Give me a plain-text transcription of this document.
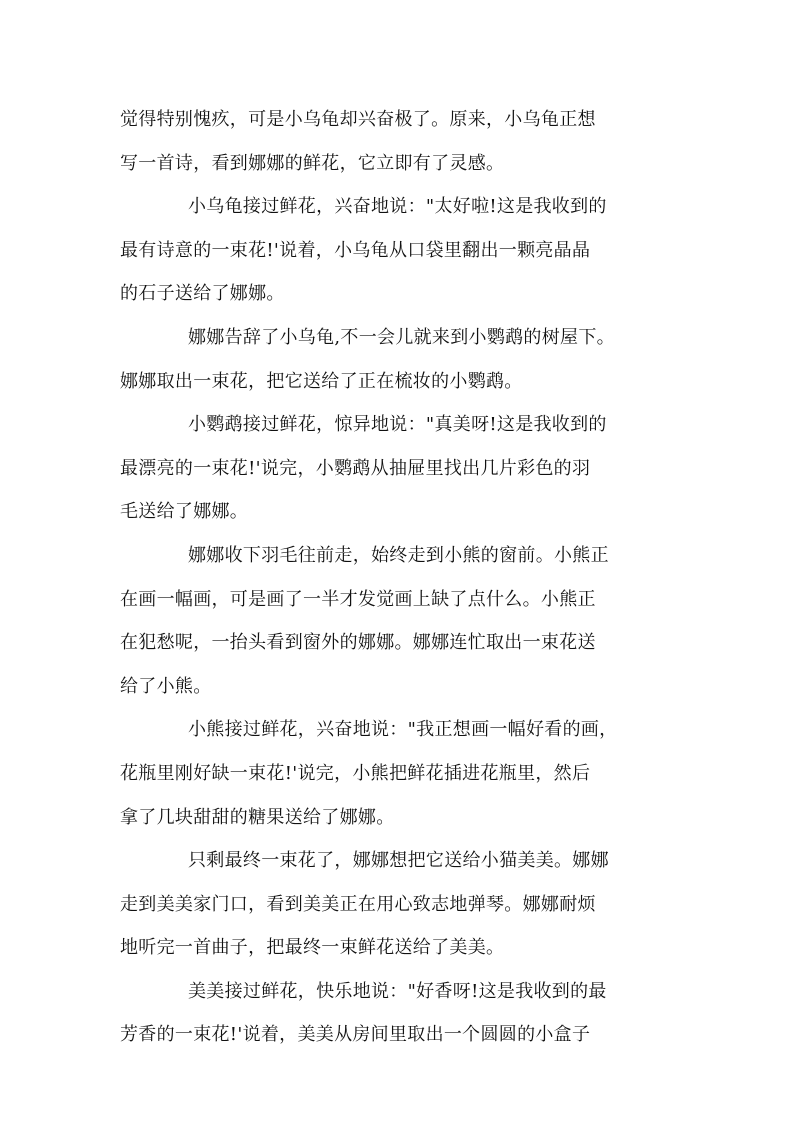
觉得特别愧疚，可是小乌龟却兴奋极了。原来，小乌龟正想
写一首诗，看到娜娜的鲜花，它立即有了灵感。
小乌龟接过鲜花，兴奋地说："太好啦!这是我收到的
最有诗意的一束花!'说着，小乌龟从口袋里翻出一颗亮晶晶
的石子送给了娜娜。
娜娜告辞了小乌龟,不一会儿就来到小鹦鹉的树屋下。
娜娜取出一束花，把它送给了正在梳妆的小鹦鹉。
小鹦鹉接过鲜花，惊异地说："真美呀!这是我收到的
最漂亮的一束花!'说完，小鹦鹉从抽屉里找出几片彩色的羽
毛送给了娜娜。
娜娜收下羽毛往前走，始终走到小熊的窗前。小熊正
在画一幅画，可是画了一半才发觉画上缺了点什么。小熊正
在犯愁呢，一抬头看到窗外的娜娜。娜娜连忙取出一束花送
给了小熊。
小熊接过鲜花，兴奋地说："我正想画一幅好看的画，
花瓶里刚好缺一束花!'说完，小熊把鲜花插进花瓶里，然后
拿了几块甜甜的糖果送给了娜娜。
只剩最终一束花了，娜娜想把它送给小猫美美。娜娜
走到美美家门口，看到美美正在用心致志地弹琴。娜娜耐烦
地听完一首曲子，把最终一束鲜花送给了美美。
美美接过鲜花，快乐地说："好香呀!这是我收到的最
芳香的一束花!'说着，美美从房间里取出一个圆圆的小盒子
